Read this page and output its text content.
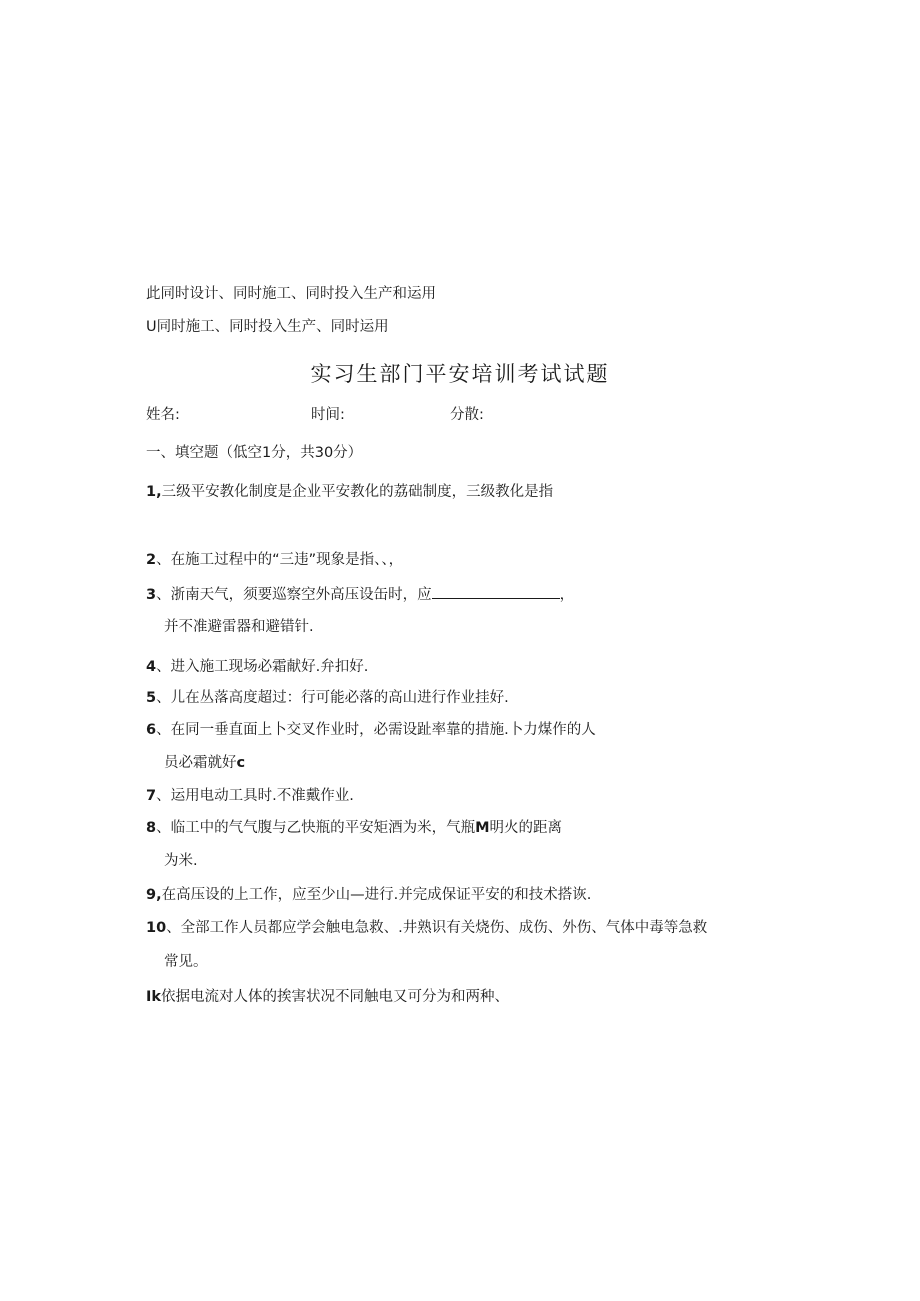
此同时设计、同时施工、同时投入生产和运用
U同时施工、同时投入生产、同时运用
实习生部门平安培训考试试题
姓名:	时间:	分散:
一、填空题（低空1分，共30分）
1,三级平安教化制度是企业平安教化的荔础制度，三级教化是指
2、在施工过程中的“三违”现象是指、、，
3、浙南天气，须要巡察空外高压设缶时，应	，
并不准避雷器和避错针.
4、进入施工现场必霜献好.弁扣好.
5、儿在丛落高度超过：行可能必落的高山进行作业挂好.
6、在同一垂直面上卜交叉作业时，必需设趾率靠的措施.卜力煤作的人
员必霜就好c
7、运用电动工具时.不准戴作业.
8、临工中的气气腹与乙快瓶的平安矩酒为米，气瓶M明火的距离
为米.
9,在高压设的上工作，应至少山—进行.并完成保证平安的和技术搭诙.
10、全部工作人员都应学会触电急救、.井熟识有关烧伤、成伤、外伤、气体中毒等急救
常见。
Ik依据电流对人体的挨害状况不同触电又可分为和两种、
